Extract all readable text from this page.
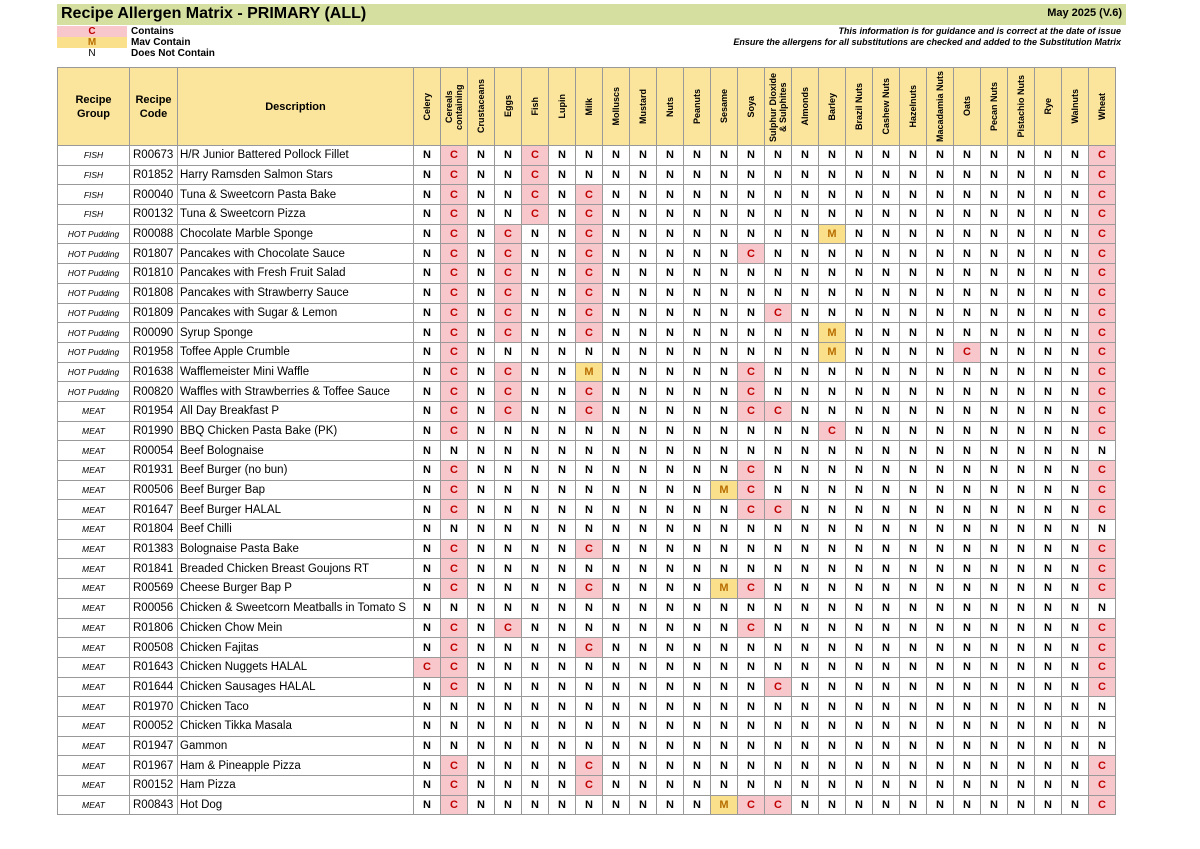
Recipe Allergen Matrix - PRIMARY (ALL)	May 2025 (V.6)
C	Contains
M	Mav Contain
N	Does Not Contain
This information is for guidance and is correct at the date of issue
Ensure the allergens for all substitutions are checked and added to the Substitution Matrix
Recipe Group	Recipe Code	Description	Celery	Cereals containing	Crustaceans	Eggs	Fish	Lupin	Milk	Molluscs	Mustard	Nuts	Peanuts	Sesame	Soya	Sulphur Dioxide & Sulphites	Almonds	Barley	Brazil Nuts	Cashew Nuts	Hazelnuts	Macadamia Nuts	Oats	Pecan Nuts	Pistachio Nuts	Rye	Walnuts	Wheat

FISH	R00673	H/R Junior Battered Pollock Fillet	N	C	N	N	C	N	N	N	N	N	N	N	N	N	N	N	N	N	N	N	N	N	N	N	N	C
FISH	R01852	Harry Ramsden Salmon Stars	N	C	N	N	C	N	N	N	N	N	N	N	N	N	N	N	N	N	N	N	N	N	N	N	N	C
FISH	R00040	Tuna & Sweetcorn Pasta Bake	N	C	N	N	C	N	C	N	N	N	N	N	N	N	N	N	N	N	N	N	N	N	N	N	N	C
FISH	R00132	Tuna & Sweetcorn Pizza	N	C	N	N	C	N	C	N	N	N	N	N	N	N	N	N	N	N	N	N	N	N	N	N	N	C
HOT Pudding	R00088	Chocolate Marble Sponge	N	C	N	C	N	N	C	N	N	N	N	N	N	N	N	M	N	N	N	N	N	N	N	N	N	C
HOT Pudding	R01807	Pancakes with Chocolate Sauce	N	C	N	C	N	N	C	N	N	N	N	N	C	N	N	N	N	N	N	N	N	N	N	N	N	C
HOT Pudding	R01810	Pancakes with Fresh Fruit Salad	N	C	N	C	N	N	C	N	N	N	N	N	N	N	N	N	N	N	N	N	N	N	N	N	N	C
HOT Pudding	R01808	Pancakes with Strawberry Sauce	N	C	N	C	N	N	C	N	N	N	N	N	N	N	N	N	N	N	N	N	N	N	N	N	N	C
HOT Pudding	R01809	Pancakes with Sugar & Lemon	N	C	N	C	N	N	C	N	N	N	N	N	N	C	N	N	N	N	N	N	N	N	N	N	N	C
HOT Pudding	R00090	Syrup Sponge	N	C	N	C	N	N	C	N	N	N	N	N	N	N	N	M	N	N	N	N	N	N	N	N	N	C
HOT Pudding	R01958	Toffee Apple Crumble	N	C	N	N	N	N	N	N	N	N	N	N	N	N	N	M	N	N	N	N	C	N	N	N	N	C
HOT Pudding	R01638	Wafflemeister Mini Waffle	N	C	N	C	N	N	M	N	N	N	N	N	C	N	N	N	N	N	N	N	N	N	N	N	N	C
HOT Pudding	R00820	Waffles with Strawberries & Toffee Sauce	N	C	N	C	N	N	C	N	N	N	N	N	C	N	N	N	N	N	N	N	N	N	N	N	N	C
MEAT	R01954	All Day Breakfast P	N	C	N	C	N	N	C	N	N	N	N	N	C	C	N	N	N	N	N	N	N	N	N	N	N	C
MEAT	R01990	BBQ Chicken Pasta Bake (PK)	N	C	N	N	N	N	N	N	N	N	N	N	N	N	N	C	N	N	N	N	N	N	N	N	N	C
MEAT	R00054	Beef Bolognaise	N	N	N	N	N	N	N	N	N	N	N	N	N	N	N	N	N	N	N	N	N	N	N	N	N	N
MEAT	R01931	Beef Burger (no bun)	N	C	N	N	N	N	N	N	N	N	N	N	C	N	N	N	N	N	N	N	N	N	N	N	N	C
MEAT	R00506	Beef Burger Bap	N	C	N	N	N	N	N	N	N	N	N	M	C	N	N	N	N	N	N	N	N	N	N	N	N	C
MEAT	R01647	Beef Burger HALAL	N	C	N	N	N	N	N	N	N	N	N	N	C	C	N	N	N	N	N	N	N	N	N	N	N	C
MEAT	R01804	Beef Chilli	N	N	N	N	N	N	N	N	N	N	N	N	N	N	N	N	N	N	N	N	N	N	N	N	N	N
MEAT	R01383	Bolognaise Pasta Bake	N	C	N	N	N	N	C	N	N	N	N	N	N	N	N	N	N	N	N	N	N	N	N	N	N	C
MEAT	R01841	Breaded Chicken Breast Goujons RT	N	C	N	N	N	N	N	N	N	N	N	N	N	N	N	N	N	N	N	N	N	N	N	N	N	C
MEAT	R00569	Cheese Burger Bap P	N	C	N	N	N	N	C	N	N	N	N	M	C	N	N	N	N	N	N	N	N	N	N	N	N	C
MEAT	R00056	Chicken & Sweetcorn Meatballs in Tomato S	N	N	N	N	N	N	N	N	N	N	N	N	N	N	N	N	N	N	N	N	N	N	N	N	N	N
MEAT	R01806	Chicken Chow Mein	N	C	N	C	N	N	N	N	N	N	N	N	C	N	N	N	N	N	N	N	N	N	N	N	N	C
MEAT	R00508	Chicken Fajitas	N	C	N	N	N	N	C	N	N	N	N	N	N	N	N	N	N	N	N	N	N	N	N	N	N	C
MEAT	R01643	Chicken Nuggets HALAL	C	C	N	N	N	N	N	N	N	N	N	N	N	N	N	N	N	N	N	N	N	N	N	N	N	C
MEAT	R01644	Chicken Sausages HALAL	N	C	N	N	N	N	N	N	N	N	N	N	N	C	N	N	N	N	N	N	N	N	N	N	N	C
MEAT	R01970	Chicken Taco	N	N	N	N	N	N	N	N	N	N	N	N	N	N	N	N	N	N	N	N	N	N	N	N	N	N
MEAT	R00052	Chicken Tikka Masala	N	N	N	N	N	N	N	N	N	N	N	N	N	N	N	N	N	N	N	N	N	N	N	N	N	N
MEAT	R01947	Gammon	N	N	N	N	N	N	N	N	N	N	N	N	N	N	N	N	N	N	N	N	N	N	N	N	N	N
MEAT	R01967	Ham & Pineapple Pizza	N	C	N	N	N	N	C	N	N	N	N	N	N	N	N	N	N	N	N	N	N	N	N	N	N	C
MEAT	R00152	Ham Pizza	N	C	N	N	N	N	C	N	N	N	N	N	N	N	N	N	N	N	N	N	N	N	N	N	N	C
MEAT	R00843	Hot Dog	N	C	N	N	N	N	N	N	N	N	N	M	C	C	N	N	N	N	N	N	N	N	N	N	N	C
